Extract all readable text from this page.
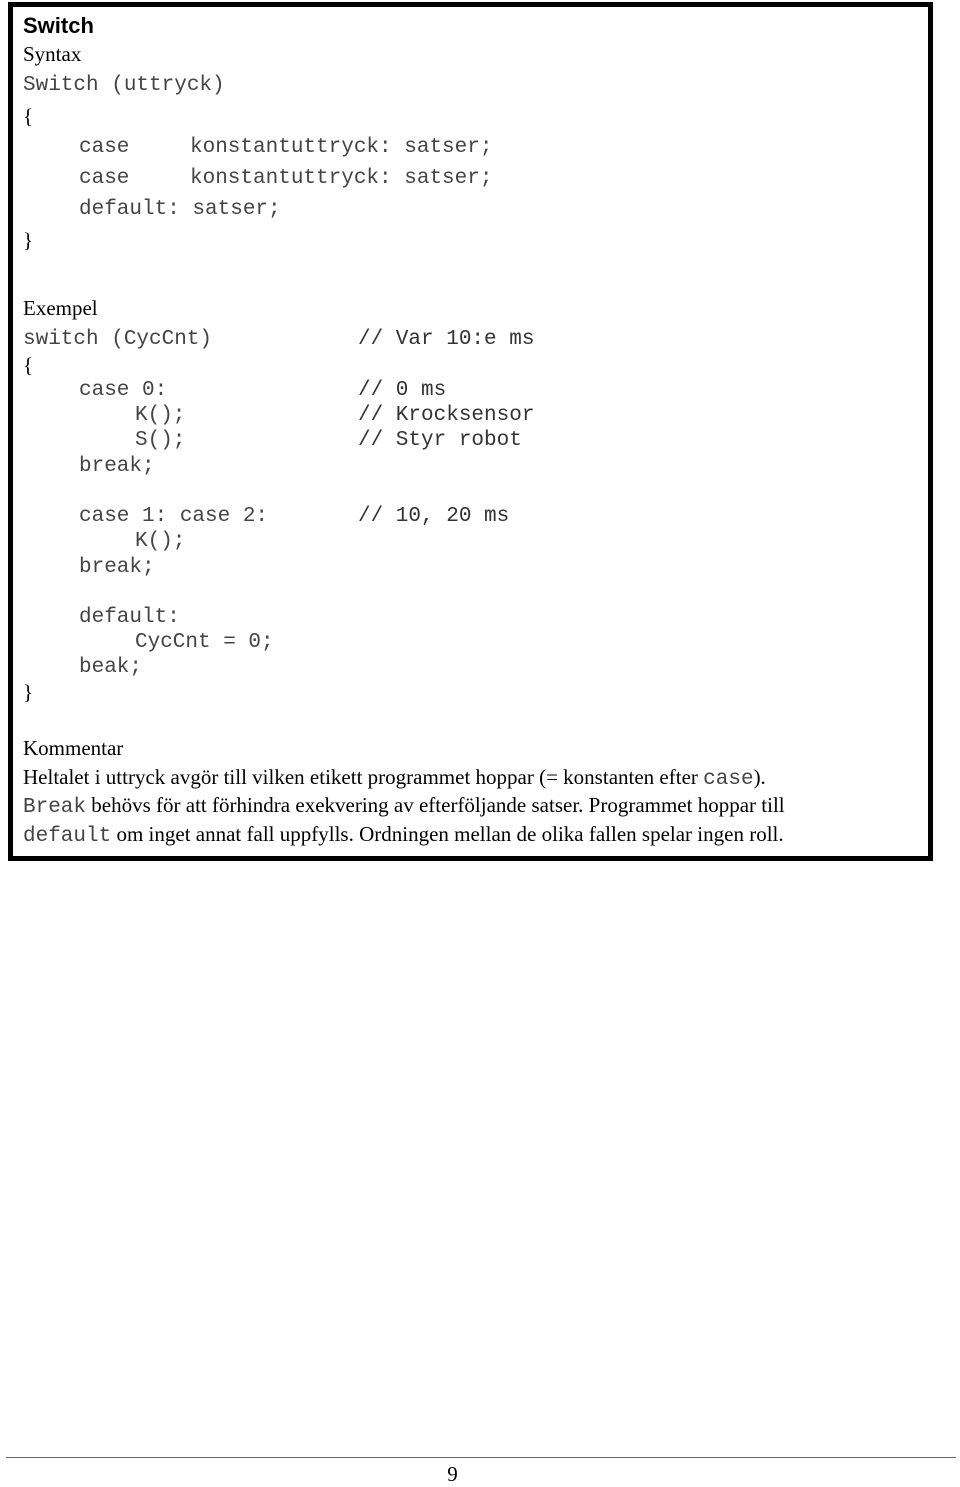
Switch
Syntax
Switch (uttryck)
{
case	konstantuttryck: satser;
case	konstantuttryck: satser;
default: satser;
}
Exempel
switch (CycCnt)	// Var 10:e ms
{
case 0:	// 0 ms
K();	// Krocksensor
S();	// Styr robot
break;
case 1: case 2:	// 10, 20 ms
K();
break;
default:
CycCnt = 0;
beak;
}
Kommentar
Heltalet i uttryck avgör till vilken etikett programmet hoppar (= konstanten efter case).
Break behövs för att förhindra exekvering av efterföljande satser. Programmet hoppar till
default om inget annat fall uppfylls. Ordningen mellan de olika fallen spelar ingen roll.
9
